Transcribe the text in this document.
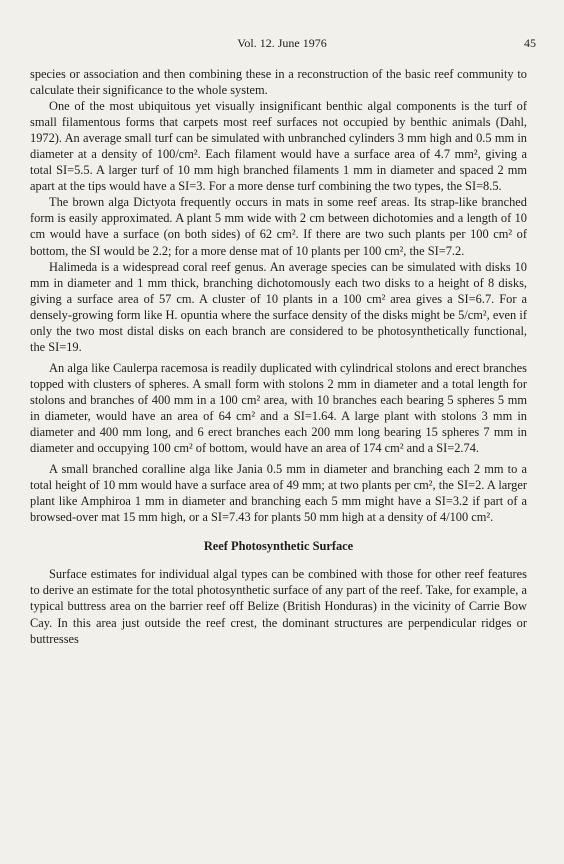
Vol. 12. June 1976	45

species or association and then combining these in a reconstruction of the basic reef community to calculate their significance to the whole system.

One of the most ubiquitous yet visually insignificant benthic algal components is the turf of small filamentous forms that carpets most reef surfaces not occupied by benthic animals (Dahl, 1972). An average small turf can be simulated with unbranched cylinders 3 mm high and 0.5 mm in diameter at a density of 100/cm². Each filament would have a surface area of 4.7 mm², giving a total SI=5.5. A larger turf of 10 mm high branched filaments 1 mm in diameter and spaced 2 mm apart at the tips would have a SI=3. For a more dense turf combining the two types, the SI=8.5.

The brown alga Dictyota frequently occurs in mats in some reef areas. Its strap-like branched form is easily approximated. A plant 5 mm wide with 2 cm between dichotomies and a length of 10 cm would have a surface (on both sides) of 62 cm². If there are two such plants per 100 cm² of bottom, the SI would be 2.2; for a more dense mat of 10 plants per 100 cm², the SI=7.2.

Halimeda is a widespread coral reef genus. An average species can be simulated with disks 10 mm in diameter and 1 mm thick, branching dichotomously each two disks to a height of 8 disks, giving a surface area of 57 cm. A cluster of 10 plants in a 100 cm² area gives a SI=6.7. For a densely-growing form like H. opuntia where the surface density of the disks might be 5/cm², even if only the two most distal disks on each branch are considered to be photosynthetically functional, the SI=19.

An alga like Caulerpa racemosa is readily duplicated with cylindrical stolons and erect branches topped with clusters of spheres. A small form with stolons 2 mm in diameter and a total length for stolons and branches of 400 mm in a 100 cm² area, with 10 branches each bearing 5 spheres 5 mm in diameter, would have an area of 64 cm² and a SI=1.64. A large plant with stolons 3 mm in diameter and 400 mm long, and 6 erect branches each 200 mm long bearing 15 spheres 7 mm in diameter and occupying 100 cm² of bottom, would have an area of 174 cm² and a SI=2.74.

A small branched coralline alga like Jania 0.5 mm in diameter and branching each 2 mm to a total height of 10 mm would have a surface area of 49 mm; at two plants per cm², the SI=2. A larger plant like Amphiroa 1 mm in diameter and branching each 5 mm might have a SI=3.2 if part of a browsed-over mat 15 mm high, or a SI=7.43 for plants 50 mm high at a density of 4/100 cm².

Reef Photosynthetic Surface

Surface estimates for individual algal types can be combined with those for other reef features to derive an estimate for the total photosynthetic surface of any part of the reef. Take, for example, a typical buttress area on the barrier reef off Belize (British Honduras) in the vicinity of Carrie Bow Cay. In this area just outside the reef crest, the dominant structures are perpendicular ridges or buttresses
